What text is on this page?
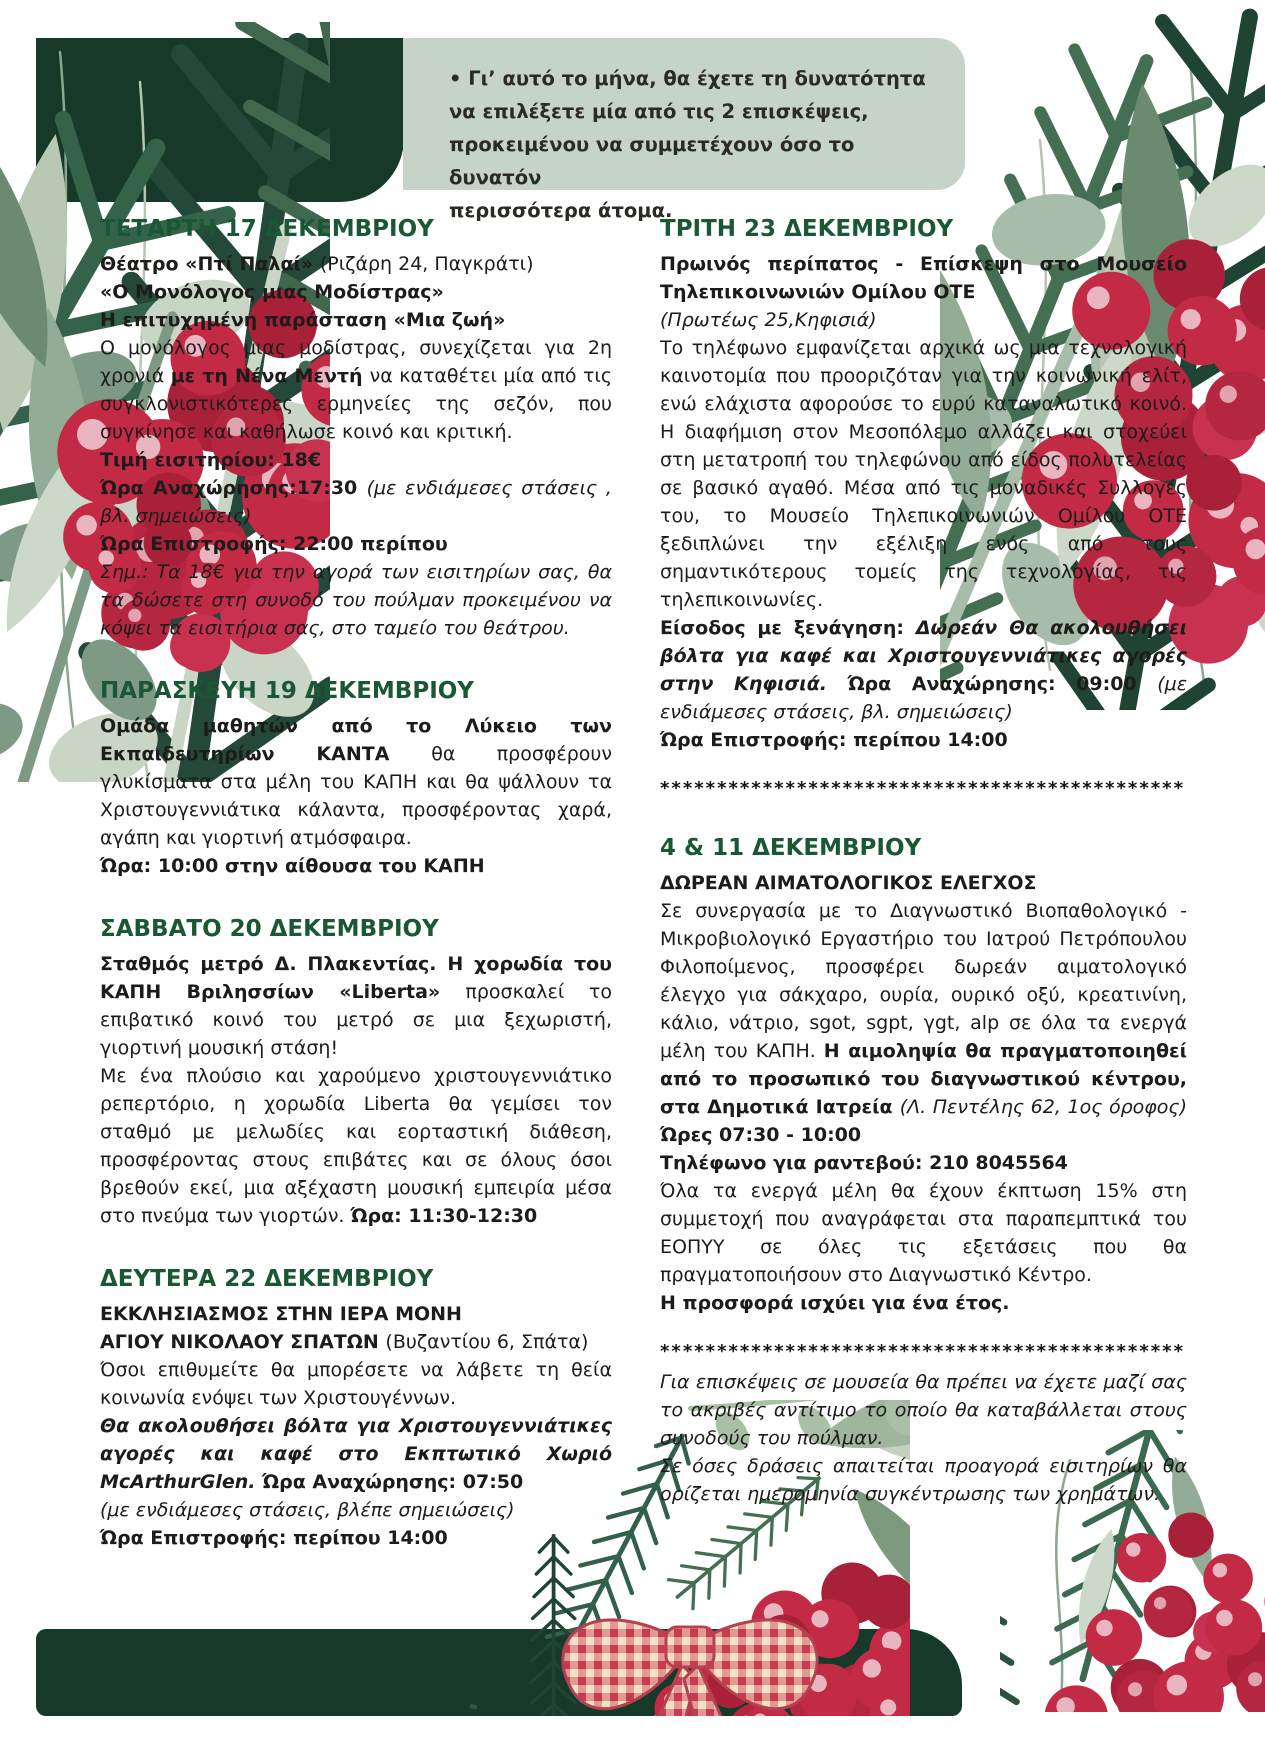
• Γι’ αυτό το μήνα, θα έχετε τη δυνατότητα
να επιλέξετε μία από τις 2 επισκέψεις,
προκειμένου να συμμετέχουν όσο το δυνατόν
περισσότερα άτομα.
ΤΕΤΑΡΤΗ 17 ΔΕΚΕΜΒΡΙΟΥ

Θέατρο «Πτί Παλαί» (Ριζάρη 24, Παγκράτι)

«Ο Μονόλογος μιας Μοδίστρας»

Η επιτυχημένη παράσταση «Μια ζωή»

Ο μονόλογος μιας μοδίστρας, συνεχίζεται για 2η χρονιά με τη Νένα Μεντή να καταθέτει μία από τις συγκλονιστικότερες ερμηνείες της σεζόν, που συγκίνησε και καθήλωσε κοινό και κριτική.

Τιμή εισιτηρίου: 18€

Ώρα Αναχώρησης:17:30 (με ενδιάμεσες στάσεις , βλ. σημειώσεις)

Ώρα Επιστροφής: 22:00 περίπου

Σημ.: Τα 18€ για την αγορά των εισιτηρίων σας, θα τα δώσετε στη συνοδό του πούλμαν προκειμένου να κόψει τα εισιτήρια σας, στο ταμείο του θεάτρου.

ΠΑΡΑΣΚΕΥΗ 19 ΔΕΚΕΜΒΡΙΟΥ

Ομάδα μαθητών από το Λύκειο των Εκπαιδευτηρίων ΚΑΝΤΑ θα προσφέρουν γλυκίσματα στα μέλη του ΚΑΠΗ και θα ψάλλουν τα Χριστουγεννιάτικα κάλαντα, προσφέροντας χαρά, αγάπη και γιορτινή ατμόσφαιρα.

Ώρα: 10:00 στην αίθουσα του ΚΑΠΗ

ΣΑΒΒΑΤΟ 20 ΔΕΚΕΜΒΡΙΟΥ

Σταθμός μετρό Δ. Πλακεντίας. Η χορωδία του ΚΑΠΗ Βριλησσίων «Liberta» προσκαλεί το επιβατικό κοινό του μετρό σε μια ξεχωριστή, γιορτινή μουσική στάση!

Με ένα πλούσιο και χαρούμενο χριστουγεννιάτικο ρεπερτόριο, η χορωδία Liberta θα γεμίσει τον σταθμό με μελωδίες και εορταστική διάθεση, προσφέροντας στους επιβάτες και σε όλους όσοι βρεθούν εκεί, μια αξέχαστη μουσική εμπειρία μέσα στο πνεύμα των γιορτών. Ώρα: 11:30-12:30

ΔΕΥΤΕΡΑ 22 ΔΕΚΕΜΒΡΙΟΥ

ΕΚΚΛΗΣΙΑΣΜΟΣ ΣΤΗΝ ΙΕΡΑ ΜΟΝΗ

ΑΓΙΟΥ ΝΙΚΟΛΑΟΥ ΣΠΑΤΩΝ (Βυζαντίου 6, Σπάτα)

Όσοι επιθυμείτε θα μπορέσετε να λάβετε τη θεία κοινωνία ενόψει των Χριστουγέννων.

Θα ακολουθήσει βόλτα για Χριστουγεννιάτικες αγορές και καφέ στο Εκπτωτικό Χωριό McArthurGlen. Ώρα Αναχώρησης: 07:50

(με ενδιάμεσες στάσεις, βλέπε σημειώσεις)

Ώρα Επιστροφής: περίπου 14:00

ΤΡΙΤΗ 23 ΔΕΚΕΜΒΡΙΟΥ

Πρωινός περίπατος - Επίσκεψη στο Μουσείο Τηλεπικοινωνιών Ομίλου ΟΤΕ

(Πρωτέως 25,Κηφισιά)

Το τηλέφωνο εμφανίζεται αρχικά ως μια τεχνολογική καινοτομία που προοριζόταν για την κοινωνική ελίτ, ενώ ελάχιστα αφορούσε το ευρύ καταναλωτικό κοινό. Η διαφήμιση στον Μεσοπόλεμο αλλάζει και στοχεύει στη μετατροπή του τηλεφώνου από είδος πολυτελείας σε βασικό αγαθό. Μέσα από τις μοναδικές Συλλογές του, το Μουσείο Τηλεπικοινωνιών Ομίλου ΟΤΕ ξεδιπλώνει την εξέλιξη ενός από τους σημαντικότερους τομείς της τεχνολογίας, τις τηλεπικοινωνίες.

Είσοδος με ξενάγηση: Δωρεάν Θα ακολουθήσει βόλτα για καφέ και Χριστουγεννιάτικες αγορές στην Κηφισιά. Ώρα Αναχώρησης: 09:00 (με ενδιάμεσες στάσεις, βλ. σημειώσεις)

Ώρα Επιστροφής: περίπου 14:00

**********************************************
4 & 11 ΔΕΚΕΜΒΡΙΟΥ

ΔΩΡΕΑΝ ΑΙΜΑΤΟΛΟΓΙΚΟΣ ΕΛΕΓΧΟΣ

Σε συνεργασία με το Διαγνωστικό Βιοπαθολογικό - Μικροβιολογικό Εργαστήριο του Ιατρού Πετρόπουλου Φιλοποίμενος, προσφέρει δωρεάν αιματολογικό έλεγχο για σάκχαρο, ουρία, ουρικό οξύ, κρεατινίνη, κάλιο, νάτριο, sgot, sgpt, γgt, alp σε όλα τα ενεργά μέλη του ΚΑΠΗ. Η αιμοληψία θα πραγματοποιηθεί από το προσωπικό του διαγνωστικού κέντρου, στα Δημοτικά Ιατρεία (Λ. Πεντέλης 62, 1ος όροφος) Ώρες 07:30 - 10:00

Τηλέφωνο για ραντεβού: 210 8045564

Όλα τα ενεργά μέλη θα έχουν έκπτωση 15% στη συμμετοχή που αναγράφεται στα παραπεμπτικά του ΕΟΠΥΥ σε όλες τις εξετάσεις που θα πραγματοποιήσουν στο Διαγνωστικό Κέντρο.

Η προσφορά ισχύει για ένα έτος.

**********************************************

Για επισκέψεις σε μουσεία θα πρέπει να έχετε μαζί σας το ακριβές αντίτιμο το οποίο θα καταβάλλεται στους συνοδούς του πούλμαν.

Σε όσες δράσεις απαιτείται προαγορά εισιτηρίων θα ορίζεται ημερομηνία συγκέντρωσης των χρημάτων.
